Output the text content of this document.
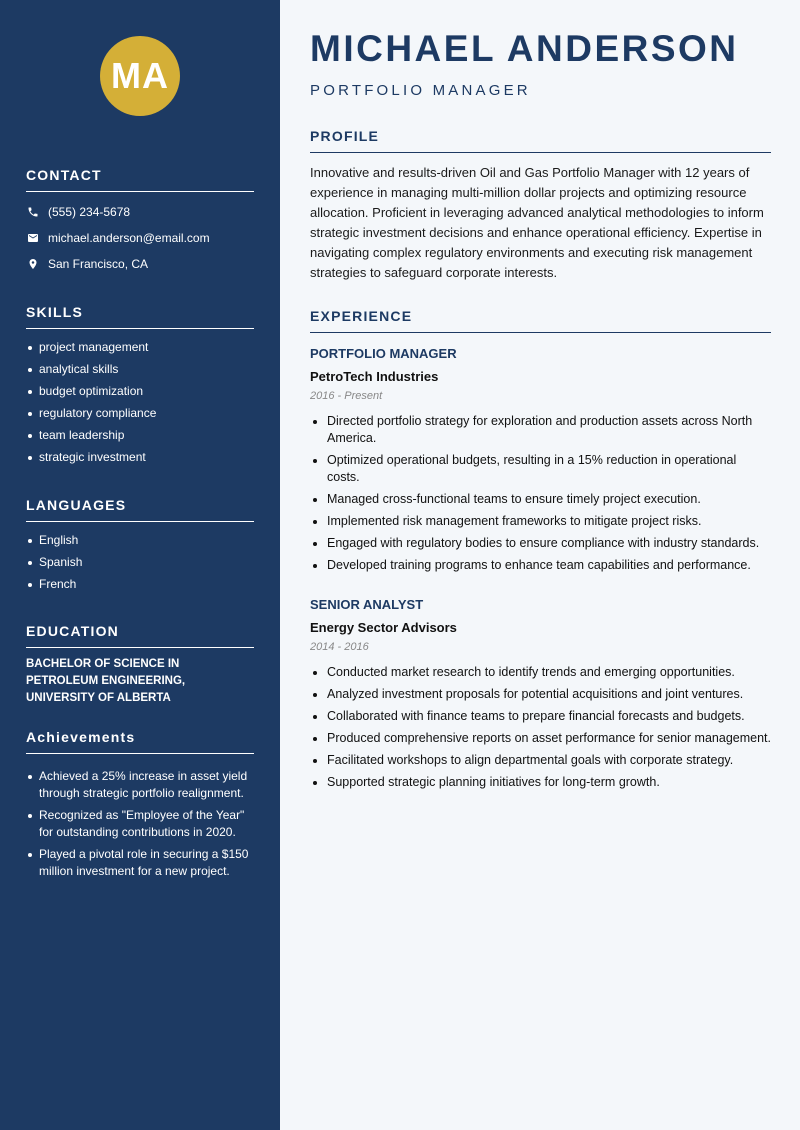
MA
CONTACT
(555) 234-5678
michael.anderson@email.com
San Francisco, CA
SKILLS
project management
analytical skills
budget optimization
regulatory compliance
team leadership
strategic investment
LANGUAGES
English
Spanish
French
EDUCATION
BACHELOR OF SCIENCE IN PETROLEUM ENGINEERING, UNIVERSITY OF ALBERTA
Achievements
Achieved a 25% increase in asset yield through strategic portfolio realignment.
Recognized as "Employee of the Year" for outstanding contributions in 2020.
Played a pivotal role in securing a $150 million investment for a new project.
MICHAEL ANDERSON
PORTFOLIO MANAGER
PROFILE
Innovative and results-driven Oil and Gas Portfolio Manager with 12 years of experience in managing multi-million dollar projects and optimizing resource allocation. Proficient in leveraging advanced analytical methodologies to inform strategic investment decisions and enhance operational efficiency. Expertise in navigating complex regulatory environments and executing risk management strategies to safeguard corporate interests.
EXPERIENCE
PORTFOLIO MANAGER
PetroTech Industries
2016 - Present
Directed portfolio strategy for exploration and production assets across North America.
Optimized operational budgets, resulting in a 15% reduction in operational costs.
Managed cross-functional teams to ensure timely project execution.
Implemented risk management frameworks to mitigate project risks.
Engaged with regulatory bodies to ensure compliance with industry standards.
Developed training programs to enhance team capabilities and performance.
SENIOR ANALYST
Energy Sector Advisors
2014 - 2016
Conducted market research to identify trends and emerging opportunities.
Analyzed investment proposals for potential acquisitions and joint ventures.
Collaborated with finance teams to prepare financial forecasts and budgets.
Produced comprehensive reports on asset performance for senior management.
Facilitated workshops to align departmental goals with corporate strategy.
Supported strategic planning initiatives for long-term growth.
